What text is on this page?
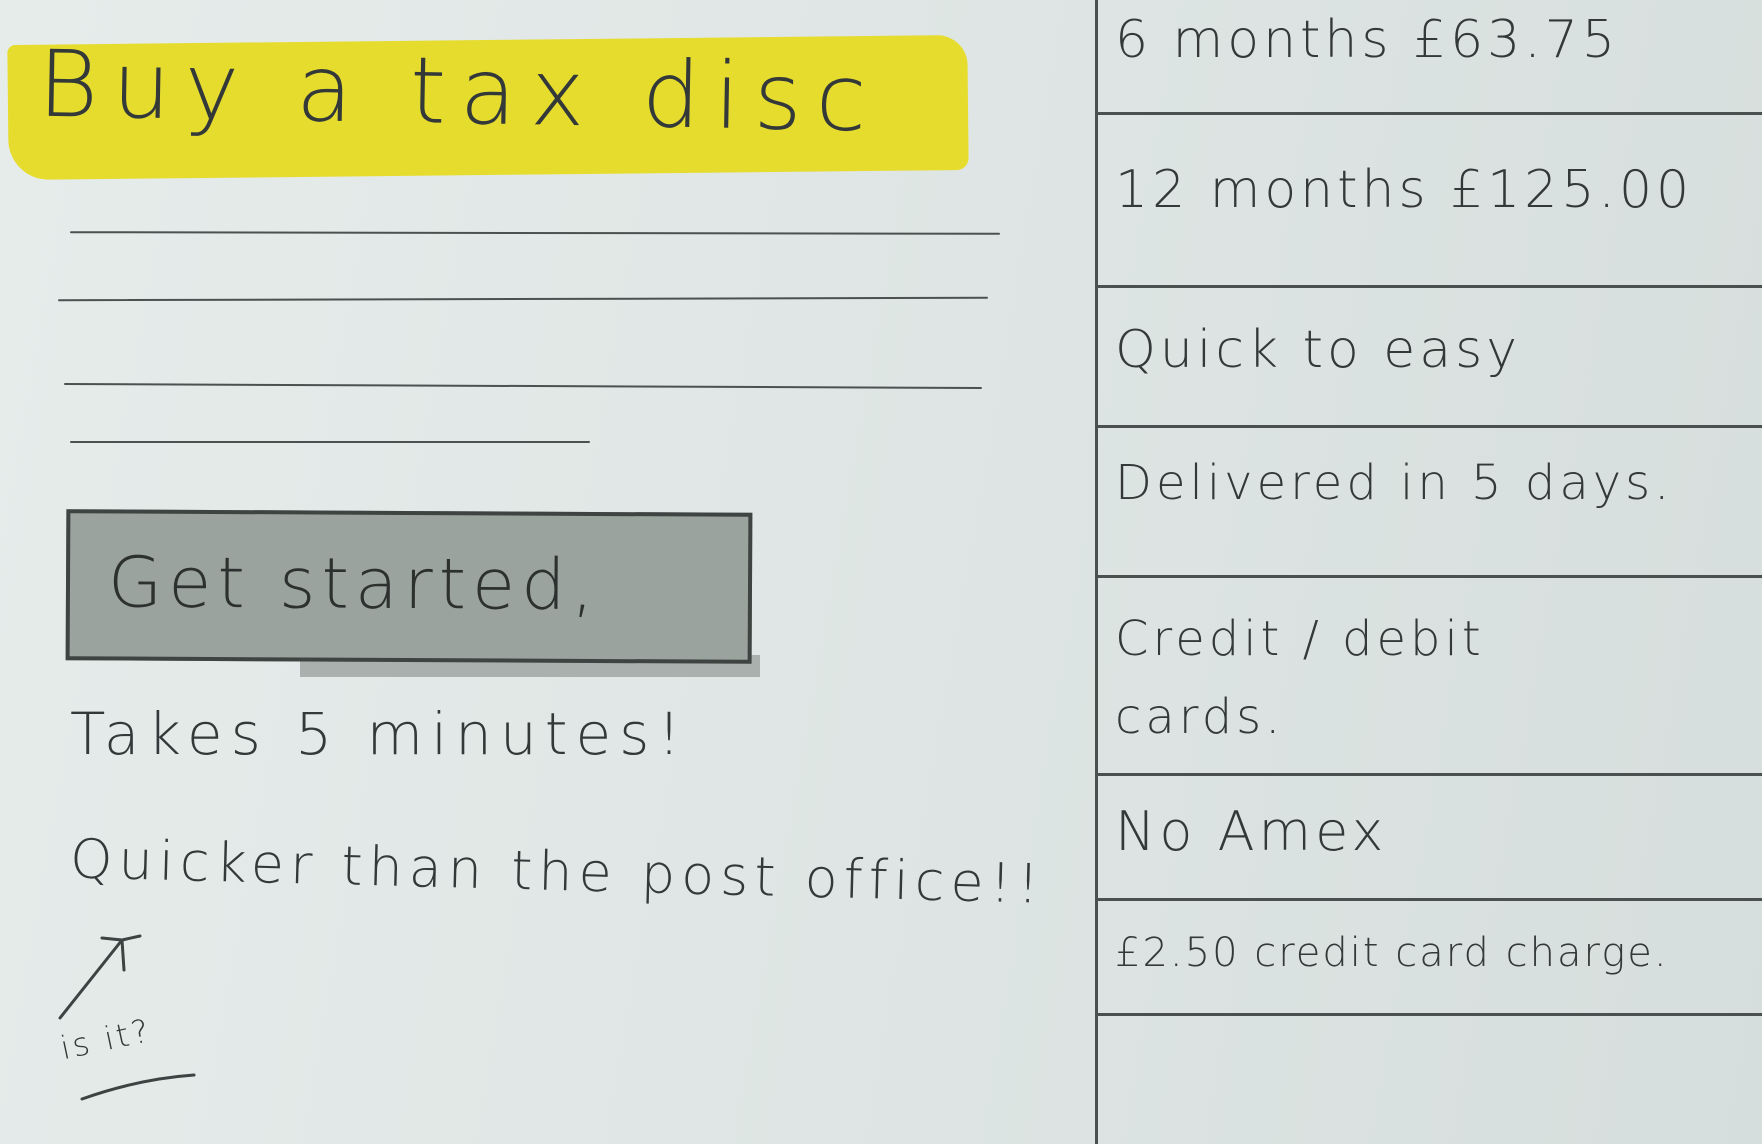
Buy a tax disc
Get started,
Takes 5 minutes!
Quicker than the post office!!
is it?
6 months £63.75
12 months £125.00
Quick to easy
Delivered in 5 days.
Credit / debit cards.
No Amex
£2.50 credit card charge.
